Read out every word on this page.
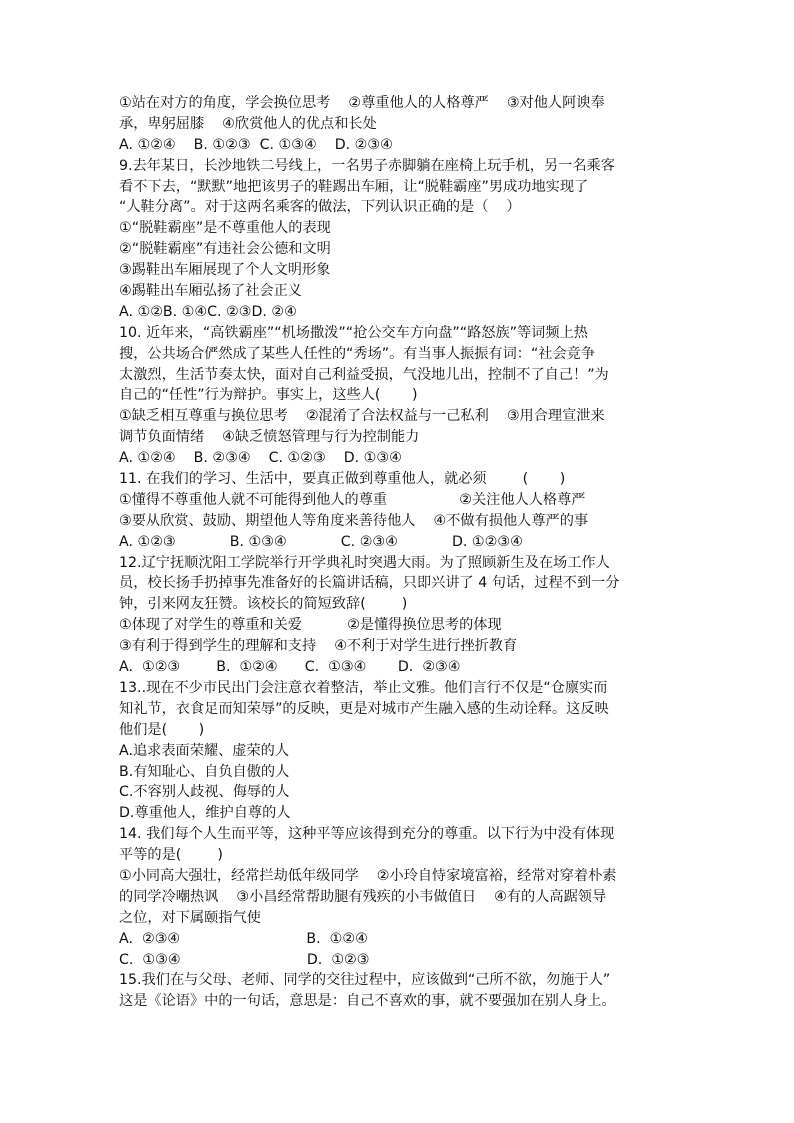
①站在对方的角度，学会换位思考    ②尊重他人的人格尊严    ③对他人阿谀奉
承，卑躬屈膝    ④欣赏他人的优点和长处
A. ①②④    B. ①②③  C. ①③④    D. ②③④
9.去年某日，长沙地铁二号线上，一名男子赤脚躺在座椅上玩手机，另一名乘客
看不下去，“默默”地把该男子的鞋踢出车厢，让“脱鞋霸座”男成功地实现了
“人鞋分离”。对于这两名乘客的做法，下列认识正确的是（    ）
①“脱鞋霸座”是不尊重他人的表现
②“脱鞋霸座”有违社会公德和文明
③踢鞋出车厢展现了个人文明形象
④踢鞋出车厢弘扬了社会正义
A. ①②B. ①④C. ②③D. ②④
10. 近年来，“高铁霸座”“机场撒泼”“抢公交车方向盘”“路怒族”等词频上热
搜，公共场合俨然成了某些人任性的“秀场”。有当事人振振有词：“社会竞争
太激烈，生活节奏太快，面对自己利益受损，气没地儿出，控制不了自己！”为
自己的“任性”行为辩护。事实上，这些人(       )
①缺乏相互尊重与换位思考    ②混淆了合法权益与一己私利    ③用合理宣泄来
调节负面情绪    ④缺乏愤怒管理与行为控制能力
A. ①②④    B. ②③④    C. ①②③    D. ①③④
11. 在我们的学习、生活中，要真正做到尊重他人，就必须        (       )
①懂得不尊重他人就不可能得到他人的尊重                ②关注他人人格尊严
③要从欣赏、鼓励、期望他人等角度来善待他人    ④不做有损他人尊严的事
A. ①②③            B. ①③④            C. ②③④            D. ①②③④
12.辽宁抚顺沈阳工学院举行开学典礼时突遇大雨。为了照顾新生及在场工作人
员，校长扬手扔掉事先准备好的长篇讲话稿，只即兴讲了 4 句话，过程不到一分
钟，引来网友狂赞。该校长的简短致辞(        )
①体现了对学生的尊重和关爱          ②是懂得换位思考的体现
③有利于得到学生的理解和支持    ④不利于对学生进行挫折教育
A.  ①②③        B.  ①②④      C.  ①③④       D.  ②③④
13..现在不少市民出门会注意衣着整洁，举止文雅。他们言行不仅是“仓廪实而
知礼节，衣食足而知荣辱”的反映，更是对城市产生融入感的生动诠释。这反映
他们是(       )
A.追求表面荣耀、虚荣的人
B.有知耻心、自负自傲的人
C.不容别人歧视、侮辱的人
D.尊重他人，维护自尊的人
14. 我们每个人生而平等，这种平等应该得到充分的尊重。以下行为中没有体现
平等的是(        )
①小同高大强壮，经常拦劫低年级同学    ②小玲自恃家境富裕，经常对穿着朴素
的同学冷嘲热讽    ③小昌经常帮助腿有残疾的小韦做值日    ④有的人高踞领导
之位，对下属颐指气使
A.  ②③④                            B.  ①②④
C.  ①③④                            D.  ①②③
15.我们在与父母、老师、同学的交往过程中，应该做到“己所不欲，勿施于人”
这是《论语》中的一句话，意思是：自己不喜欢的事，就不要强加在别人身上。
